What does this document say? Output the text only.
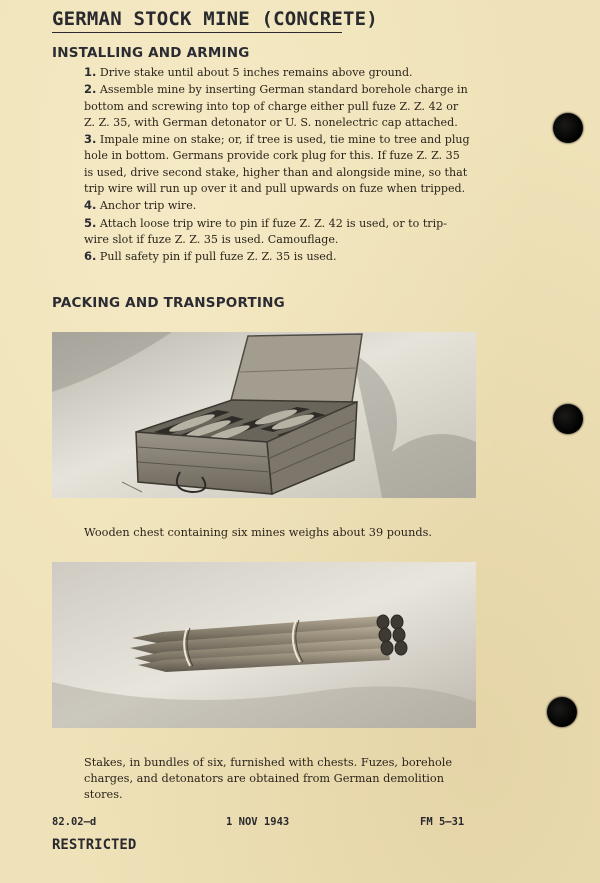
GERMAN STOCK MINE (CONCRETE)
INSTALLING AND ARMING

1. Drive stake until about 5 inches remains above ground.

2. Assemble mine by inserting German standard borehole charge in bottom and screwing into top of charge either pull fuze Z. Z. 42 or Z. Z. 35, with German detonator or U. S. nonelectric cap attached.

3. Impale mine on stake; or, if tree is used, tie mine to tree and plug hole in bottom. Germans provide cork plug for this. If fuze Z. Z. 35 is used, drive second stake, higher than and alongside mine, so that trip wire will run up over it and pull upwards on fuze when tripped.

4. Anchor trip wire.

5. Attach loose trip wire to pin if fuze Z. Z. 42 is used, or to trip-wire slot if fuze Z. Z. 35 is used. Camouflage.

6. Pull safety pin if pull fuze Z. Z. 35 is used.

PACKING AND TRANSPORTING
Wooden chest containing six mines weighs about 39 pounds.
Stakes, in bundles of six, furnished with chests. Fuzes, borehole charges, and detonators are obtained from German demolition stores.
82.02–d	1 NOV 1943	FM 5–31
RESTRICTED
